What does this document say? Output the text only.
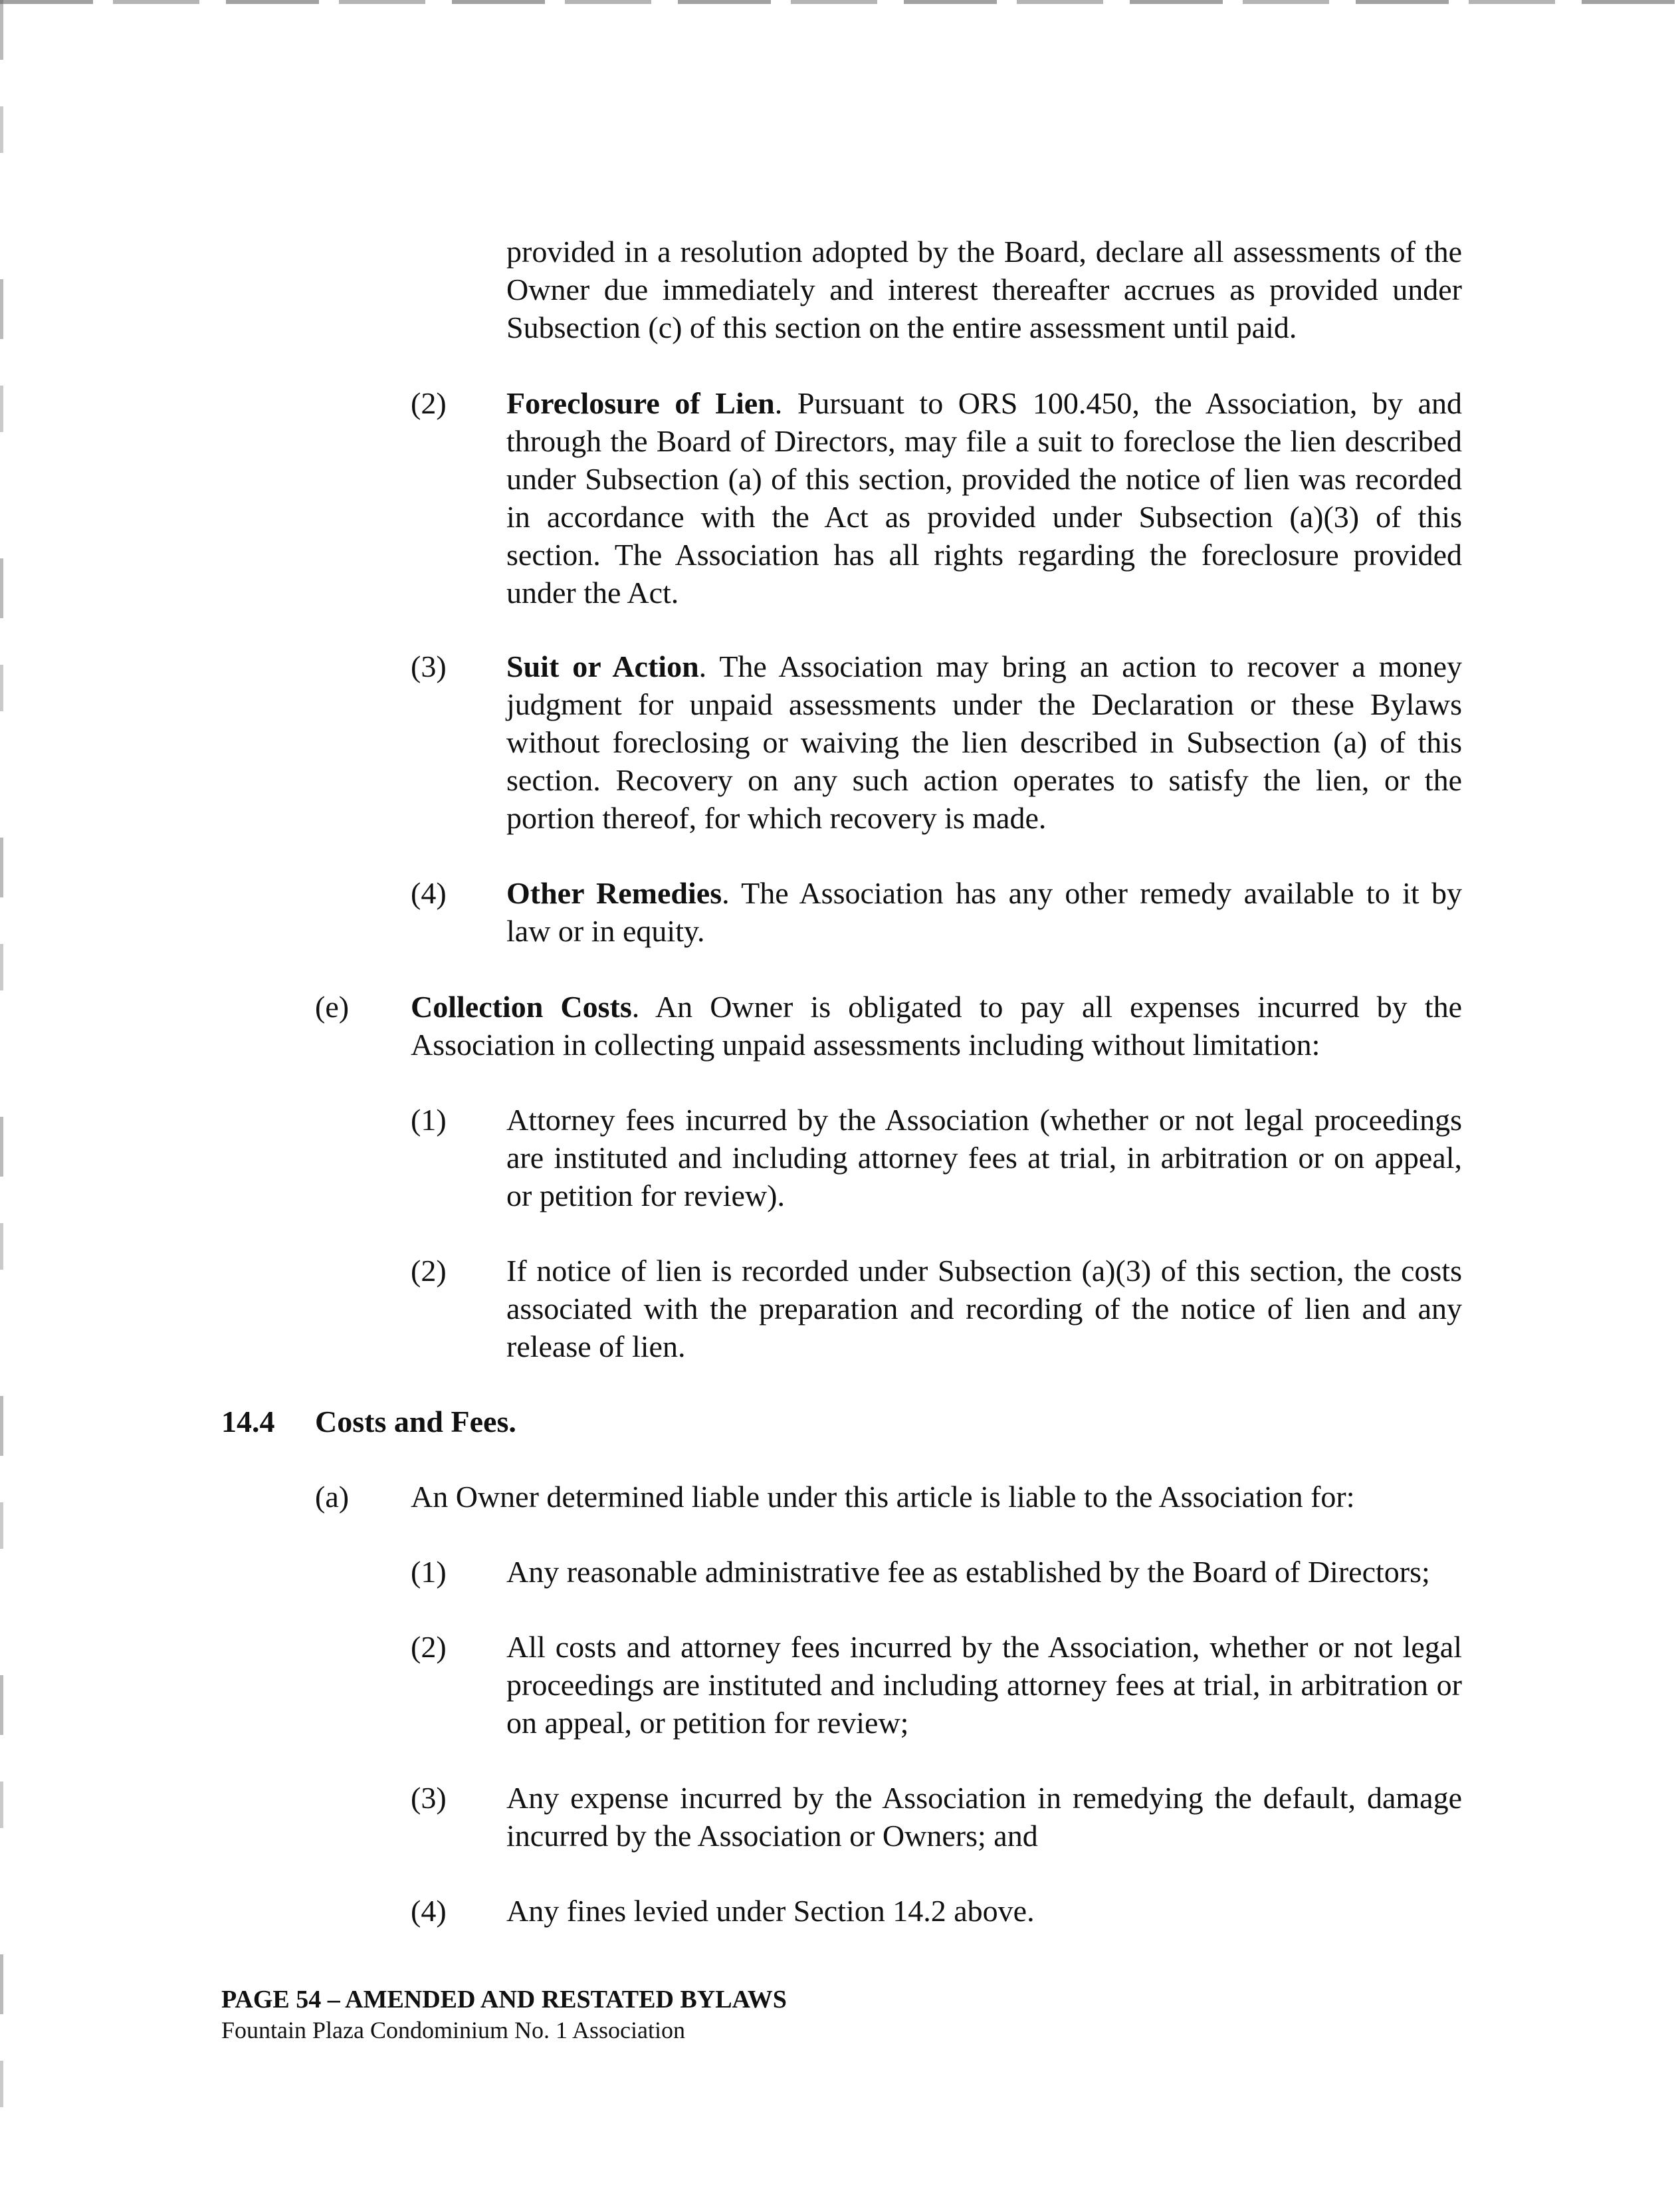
provided in a resolution adopted by the Board, declare all assessments of the Owner due immediately and interest thereafter accrues as provided under Subsection (c) of this section on the entire assessment until paid.
(2) Foreclosure of Lien. Pursuant to ORS 100.450, the Association, by and through the Board of Directors, may file a suit to foreclose the lien described under Subsection (a) of this section, provided the notice of lien was recorded in accordance with the Act as provided under Subsection (a)(3) of this section. The Association has all rights regarding the foreclosure provided under the Act.
(3) Suit or Action. The Association may bring an action to recover a money judgment for unpaid assessments under the Declaration or these Bylaws without foreclosing or waiving the lien described in Subsection (a) of this section. Recovery on any such action operates to satisfy the lien, or the portion thereof, for which recovery is made.
(4) Other Remedies. The Association has any other remedy available to it by law or in equity.
(e) Collection Costs. An Owner is obligated to pay all expenses incurred by the Association in collecting unpaid assessments including without limitation:
(1) Attorney fees incurred by the Association (whether or not legal proceedings are instituted and including attorney fees at trial, in arbitration or on appeal, or petition for review).
(2) If notice of lien is recorded under Subsection (a)(3) of this section, the costs associated with the preparation and recording of the notice of lien and any release of lien.
14.4 Costs and Fees.
(a) An Owner determined liable under this article is liable to the Association for:
(1) Any reasonable administrative fee as established by the Board of Directors;
(2) All costs and attorney fees incurred by the Association, whether or not legal proceedings are instituted and including attorney fees at trial, in arbitration or on appeal, or petition for review;
(3) Any expense incurred by the Association in remedying the default, damage incurred by the Association or Owners; and
(4) Any fines levied under Section 14.2 above.
PAGE 54 – AMENDED AND RESTATED BYLAWS
Fountain Plaza Condominium No. 1 Association
